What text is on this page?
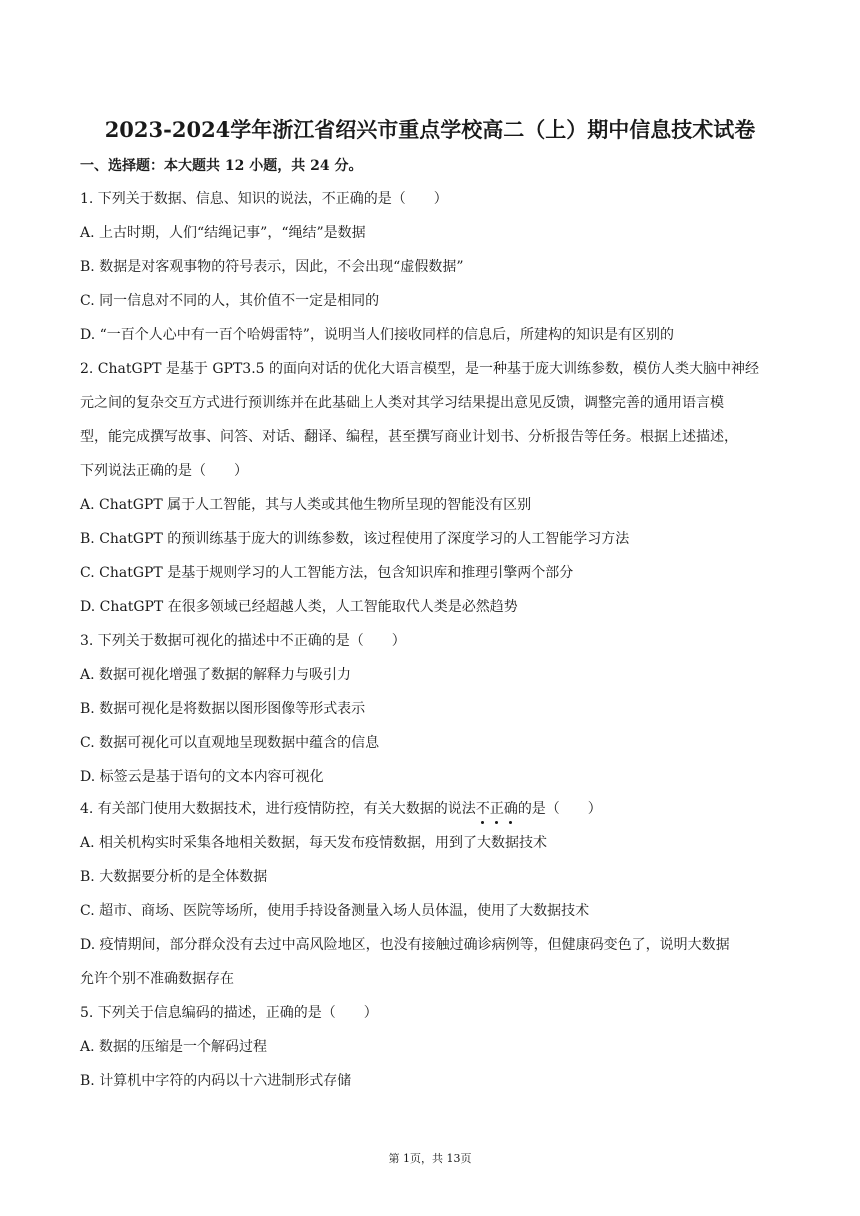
2023-2024学年浙江省绍兴市重点学校高二（上）期中信息技术试卷
一、选择题：本大题共 12 小题，共 24 分。
1. 下列关于数据、信息、知识的说法，不正确的是（　　）
A. 上古时期，人们“结绳记事”，“绳结”是数据
B. 数据是对客观事物的符号表示，因此，不会出现“虚假数据”
C. 同一信息对不同的人，其价值不一定是相同的
D. “一百个人心中有一百个哈姆雷特”，说明当人们接收同样的信息后，所建构的知识是有区别的
2. ChatGPT 是基于 GPT3.5 的面向对话的优化大语言模型，是一种基于庞大训练参数，模仿人类大脑中神经
元之间的复杂交互方式进行预训练并在此基础上人类对其学习结果提出意见反馈，调整完善的通用语言模
型，能完成撰写故事、问答、对话、翻译、编程，甚至撰写商业计划书、分析报告等任务。根据上述描述，
下列说法正确的是（　　）
A. ChatGPT 属于人工智能，其与人类或其他生物所呈现的智能没有区别
B. ChatGPT 的预训练基于庞大的训练参数，该过程使用了深度学习的人工智能学习方法
C. ChatGPT 是基于规则学习的人工智能方法，包含知识库和推理引擎两个部分
D. ChatGPT 在很多领域已经超越人类，人工智能取代人类是必然趋势
3. 下列关于数据可视化的描述中不正确的是（　　）
A. 数据可视化增强了数据的解释力与吸引力
B. 数据可视化是将数据以图形图像等形式表示
C. 数据可视化可以直观地呈现数据中蕴含的信息
D. 标签云是基于语句的文本内容可视化
4. 有关部门使用大数据技术，进行疫情防控，有关大数据的说法不正确的是（　　）
A. 相关机构实时采集各地相关数据，每天发布疫情数据，用到了大数据技术
B. 大数据要分析的是全体数据
C. 超市、商场、医院等场所，使用手持设备测量入场人员体温，使用了大数据技术
D. 疫情期间，部分群众没有去过中高风险地区，也没有接触过确诊病例等，但健康码变色了，说明大数据
允许个别不准确数据存在
5. 下列关于信息编码的描述，正确的是（　　）
A. 数据的压缩是一个解码过程
B. 计算机中字符的内码以十六进制形式存储
第 1页，共 13页
